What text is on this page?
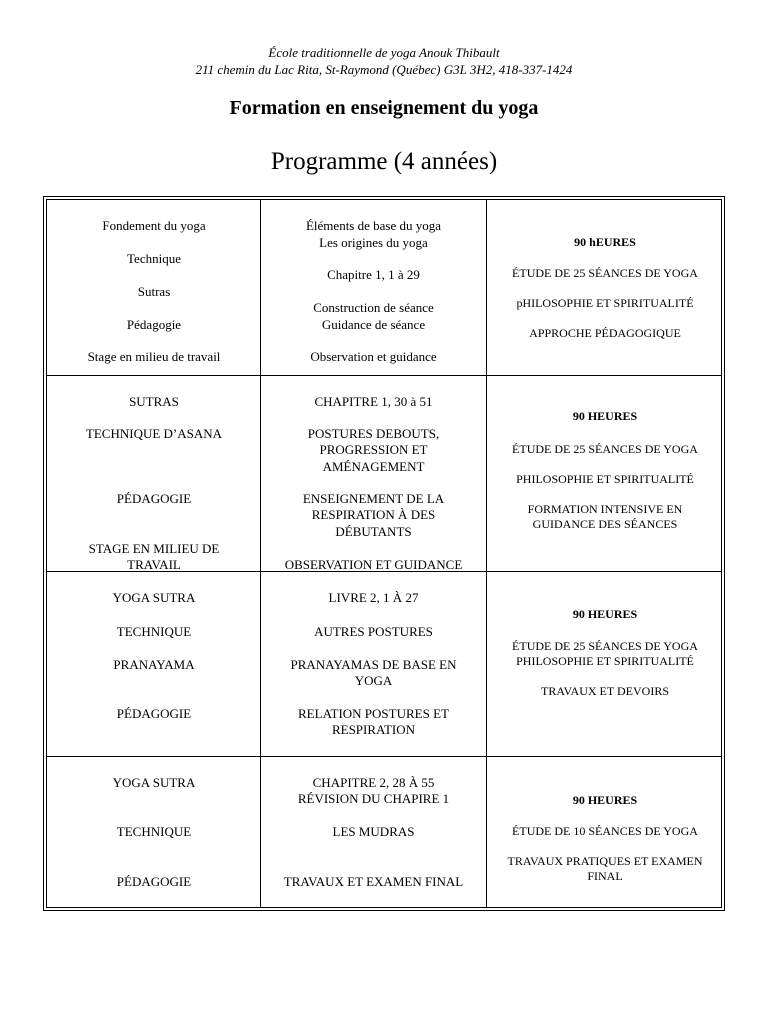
École traditionnelle de yoga Anouk Thibault
211 chemin du Lac Rita, St-Raymond (Québec) G3L 3H2, 418-337-1424
Formation en enseignement du yoga
Programme (4 années)
Fondement du yoga
Technique
Sutras
Pédagogie
Stage en milieu de travail
Éléments de base du yoga
Les origines du yoga
Chapitre 1, 1 à 29
Construction de séance
Guidance de séance
Observation et guidance
90 hEURES
ÉTUDE DE 25 SÉANCES DE YOGA
pHILOSOPHIE ET SPIRITUALITÉ
APPROCHE PÉDAGOGIQUE
SUTRAS
TECHNIQUE D’ASANA
PÉDAGOGIE
STAGE EN MILIEU DE
TRAVAIL
CHAPITRE 1, 30 à 51
POSTURES DEBOUTS,
PROGRESSION ET
AMÉNAGEMENT
ENSEIGNEMENT DE LA
RESPIRATION À DES
DÉBUTANTS
OBSERVATION ET GUIDANCE
90 HEURES
ÉTUDE DE 25 SÉANCES DE YOGA
PHILOSOPHIE ET SPIRITUALITÉ
FORMATION INTENSIVE EN
GUIDANCE DES SÉANCES
YOGA SUTRA
TECHNIQUE
PRANAYAMA
PÉDAGOGIE
LIVRE 2, 1 À 27
AUTRES POSTURES
PRANAYAMAS DE BASE EN
YOGA
RELATION POSTURES ET
RESPIRATION
90 HEURES
ÉTUDE DE 25 SÉANCES DE YOGA
PHILOSOPHIE ET SPIRITUALITÉ
TRAVAUX ET DEVOIRS
YOGA SUTRA
TECHNIQUE
PÉDAGOGIE
CHAPITRE 2, 28 À 55
RÉVISION DU CHAPIRE 1
LES MUDRAS
TRAVAUX ET EXAMEN FINAL
90 HEURES
ÉTUDE DE 10 SÉANCES DE YOGA
TRAVAUX PRATIQUES ET EXAMEN
FINAL
